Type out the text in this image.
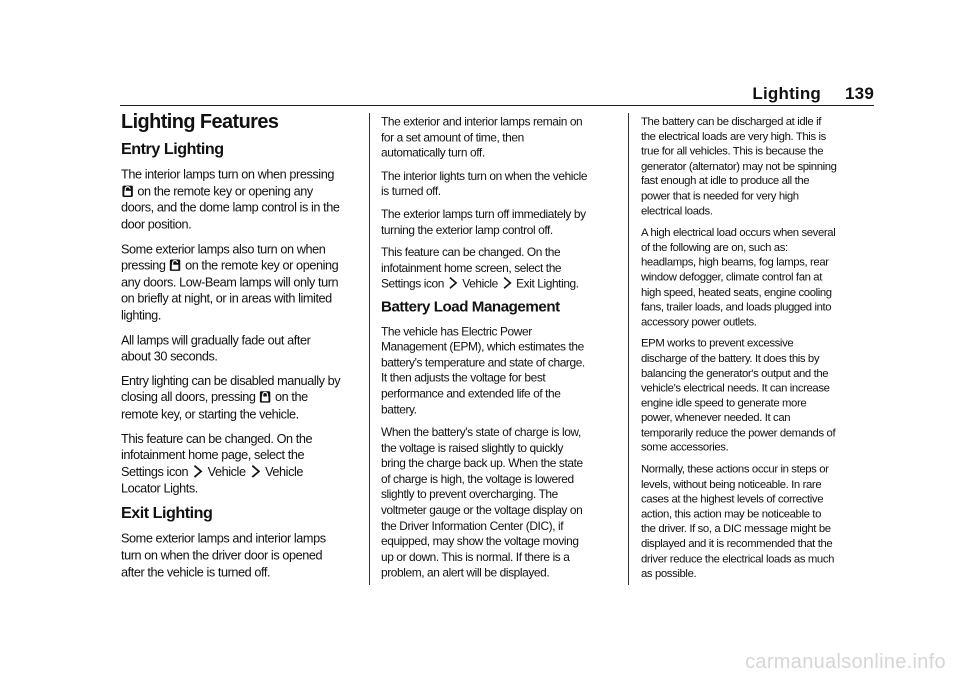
Lighting 139
Lighting Features
Entry Lighting

The interior lamps turn on when pressing  on the remote key or opening any doors, and the dome lamp control is in the door position.

Some exterior lamps also turn on when pressing on the remote key or opening any doors. Low-Beam lamps will only turn on briefly at night, or in areas with limited lighting.

All lamps will gradually fade out after about 30 seconds.

Entry lighting can be disabled manually by closing all doors, pressing on the remote key, or starting the vehicle.

This feature can be changed. On the infotainment home page, select the Settings icon Vehicle Vehicle Locator Lights.

Exit Lighting

Some exterior lamps and interior lamps turn on when the driver door is opened after the vehicle is turned off.

The exterior and interior lamps remain on for a set amount of time, then automatically turn off.

The interior lights turn on when the vehicle is turned off.

The exterior lamps turn off immediately by turning the exterior lamp control off.

This feature can be changed. On the infotainment home screen, select the Settings icon Vehicle Exit Lighting.

Battery Load Management

The vehicle has Electric Power Management (EPM), which estimates the battery's temperature and state of charge. It then adjusts the voltage for best performance and extended life of the battery.

When the battery's state of charge is low, the voltage is raised slightly to quickly bring the charge back up. When the state of charge is high, the voltage is lowered slightly to prevent overcharging. The voltmeter gauge or the voltage display on the Driver Information Center (DIC), if equipped, may show the voltage moving up or down. This is normal. If there is a problem, an alert will be displayed.

The battery can be discharged at idle if the electrical loads are very high. This is true for all vehicles. This is because the generator (alternator) may not be spinning fast enough at idle to produce all the power that is needed for very high electrical loads.

A high electrical load occurs when several of the following are on, such as: headlamps, high beams, fog lamps, rear window defogger, climate control fan at high speed, heated seats, engine cooling fans, trailer loads, and loads plugged into accessory power outlets.

EPM works to prevent excessive discharge of the battery. It does this by balancing the generator's output and the vehicle's electrical needs. It can increase engine idle speed to generate more power, whenever needed. It can temporarily reduce the power demands of some accessories.

Normally, these actions occur in steps or levels, without being noticeable. In rare cases at the highest levels of corrective action, this action may be noticeable to the driver. If so, a DIC message might be displayed and it is recommended that the driver reduce the electrical loads as much as possible.

carmanualsonline.info
